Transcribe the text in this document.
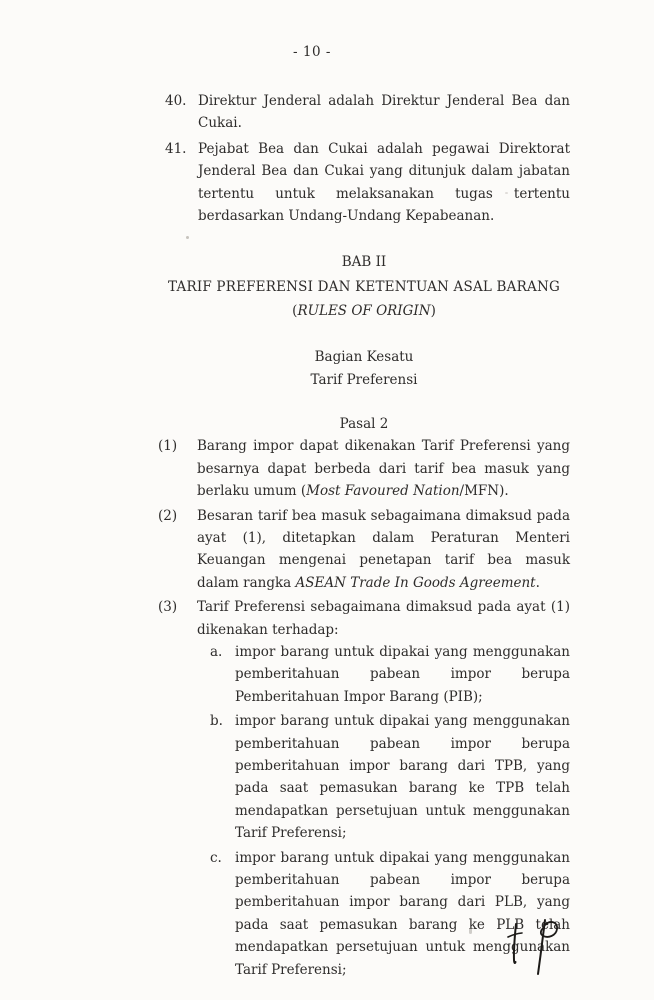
- 10 -
40. Direktur Jenderal adalah Direktur Jenderal Bea dan Cukai.
41. Pejabat Bea dan Cukai adalah pegawai Direktorat Jenderal Bea dan Cukai yang ditunjuk dalam jabatan tertentu untuk melaksanakan tugas tertentu berdasarkan Undang-Undang Kepabeanan.
BAB II
TARIF PREFERENSI DAN KETENTUAN ASAL BARANG
(RULES OF ORIGIN)
Bagian Kesatu
Tarif Preferensi
Pasal 2
(1)	Barang impor dapat dikenakan Tarif Preferensi yang besarnya dapat berbeda dari tarif bea masuk yang berlaku umum (Most Favoured Nation/MFN).
(2)	Besaran tarif bea masuk sebagaimana dimaksud pada ayat (1), ditetapkan dalam Peraturan Menteri Keuangan mengenai penetapan tarif bea masuk dalam rangka ASEAN Trade In Goods Agreement.
(3)	Tarif Preferensi sebagaimana dimaksud pada ayat (1) dikenakan terhadap:
a. impor barang untuk dipakai yang menggunakan pemberitahuan pabean impor berupa Pemberitahuan Impor Barang (PIB);
b. impor barang untuk dipakai yang menggunakan pemberitahuan pabean impor berupa pemberitahuan impor barang dari TPB, yang pada saat pemasukan barang ke TPB telah mendapatkan persetujuan untuk menggunakan Tarif Preferensi;
c. impor barang untuk dipakai yang menggunakan pemberitahuan pabean impor berupa pemberitahuan impor barang dari PLB, yang pada saat pemasukan barang ke PLB telah mendapatkan persetujuan untuk menggunakan Tarif Preferensi;
